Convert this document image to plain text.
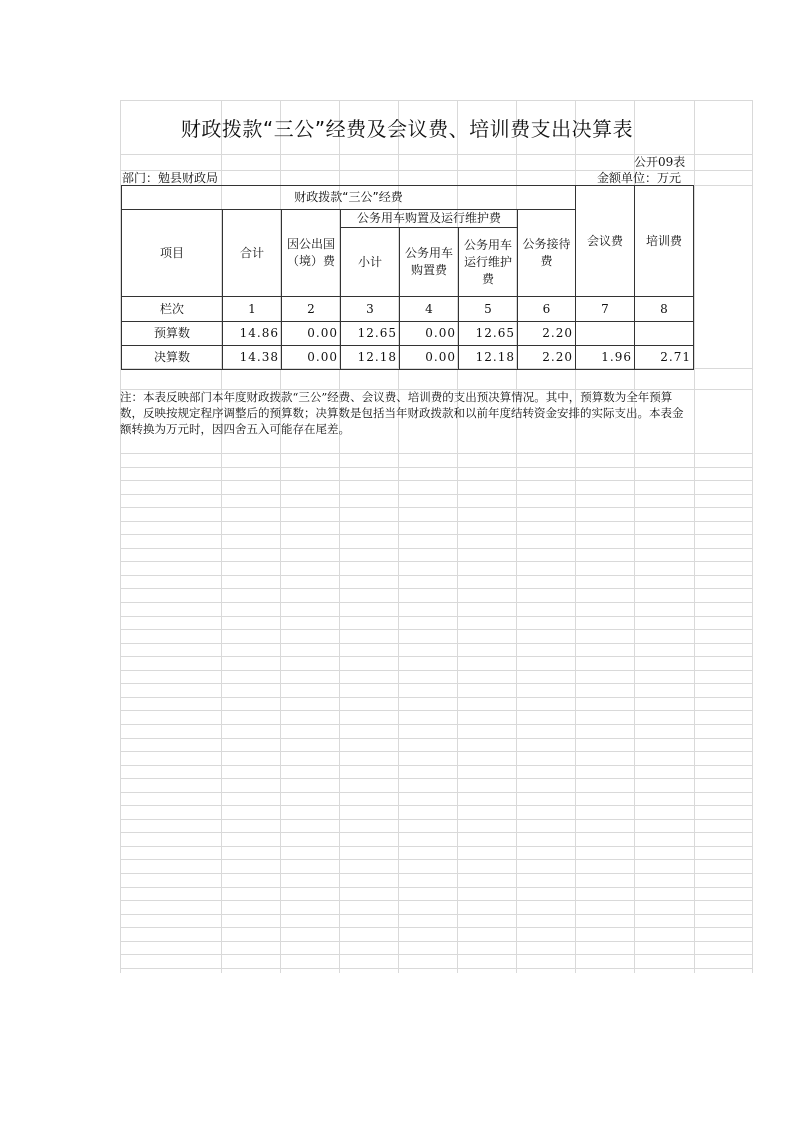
财政拨款“三公”经费及会议费、培训费支出决算表
公开09表
部门：勉县财政局	金额单位：万元
财政拨款“三公”经费							会议费	培训费
项目	合计	因公出国（境）费	公务用车购置及运行维护费			公务接待费		
			小计	公务用车购置费	公务用车运行维护费			
栏次	1	2	3	4	5	6	7	8
预算数	14.86	0.00	12.65	0.00	12.65	2.20		
决算数	14.38	0.00	12.18	0.00	12.18	2.20	1.96	2.71
注：本表反映部门本年度财政拨款“三公”经费、会议费、培训费的支出预决算情况。其中，预算数为全年预算数，反映按规定程序调整后的预算数；决算数是包括当年财政拨款和以前年度结转资金安排的实际支出。本表金额转换为万元时，因四舍五入可能存在尾差。
